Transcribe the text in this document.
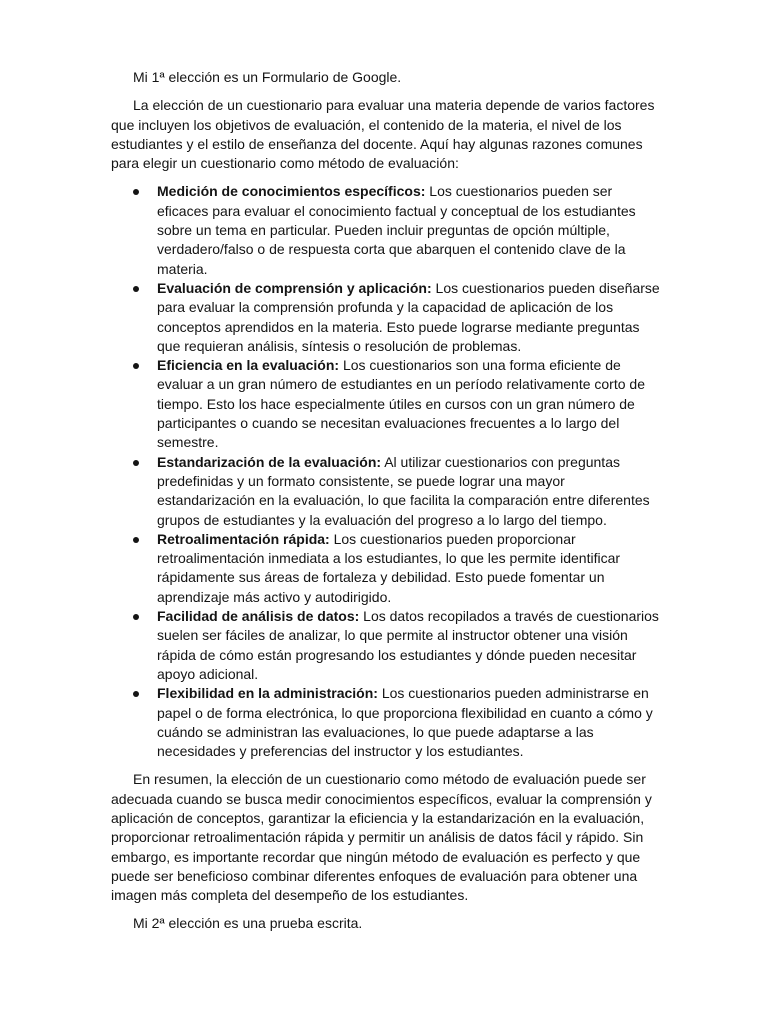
Mi 1ª elección es un Formulario de Google.

La elección de un cuestionario para evaluar una materia depende de varios factores que incluyen los objetivos de evaluación, el contenido de la materia, el nivel de los estudiantes y el estilo de enseñanza del docente. Aquí hay algunas razones comunes para elegir un cuestionario como método de evaluación:

Medición de conocimientos específicos: Los cuestionarios pueden ser eficaces para evaluar el conocimiento factual y conceptual de los estudiantes sobre un tema en particular. Pueden incluir preguntas de opción múltiple, verdadero/falso o de respuesta corta que abarquen el contenido clave de la materia.
Evaluación de comprensión y aplicación: Los cuestionarios pueden diseñarse para evaluar la comprensión profunda y la capacidad de aplicación de los conceptos aprendidos en la materia. Esto puede lograrse mediante preguntas que requieran análisis, síntesis o resolución de problemas.
Eficiencia en la evaluación: Los cuestionarios son una forma eficiente de evaluar a un gran número de estudiantes en un período relativamente corto de tiempo. Esto los hace especialmente útiles en cursos con un gran número de participantes o cuando se necesitan evaluaciones frecuentes a lo largo del semestre.
Estandarización de la evaluación: Al utilizar cuestionarios con preguntas predefinidas y un formato consistente, se puede lograr una mayor estandarización en la evaluación, lo que facilita la comparación entre diferentes grupos de estudiantes y la evaluación del progreso a lo largo del tiempo.
Retroalimentación rápida: Los cuestionarios pueden proporcionar retroalimentación inmediata a los estudiantes, lo que les permite identificar rápidamente sus áreas de fortaleza y debilidad. Esto puede fomentar un aprendizaje más activo y autodirigido.
Facilidad de análisis de datos: Los datos recopilados a través de cuestionarios suelen ser fáciles de analizar, lo que permite al instructor obtener una visión rápida de cómo están progresando los estudiantes y dónde pueden necesitar apoyo adicional.
Flexibilidad en la administración: Los cuestionarios pueden administrarse en papel o de forma electrónica, lo que proporciona flexibilidad en cuanto a cómo y cuándo se administran las evaluaciones, lo que puede adaptarse a las necesidades y preferencias del instructor y los estudiantes.

En resumen, la elección de un cuestionario como método de evaluación puede ser adecuada cuando se busca medir conocimientos específicos, evaluar la comprensión y aplicación de conceptos, garantizar la eficiencia y la estandarización en la evaluación, proporcionar retroalimentación rápida y permitir un análisis de datos fácil y rápido. Sin embargo, es importante recordar que ningún método de evaluación es perfecto y que puede ser beneficioso combinar diferentes enfoques de evaluación para obtener una imagen más completa del desempeño de los estudiantes.

Mi 2ª elección es una prueba escrita.
